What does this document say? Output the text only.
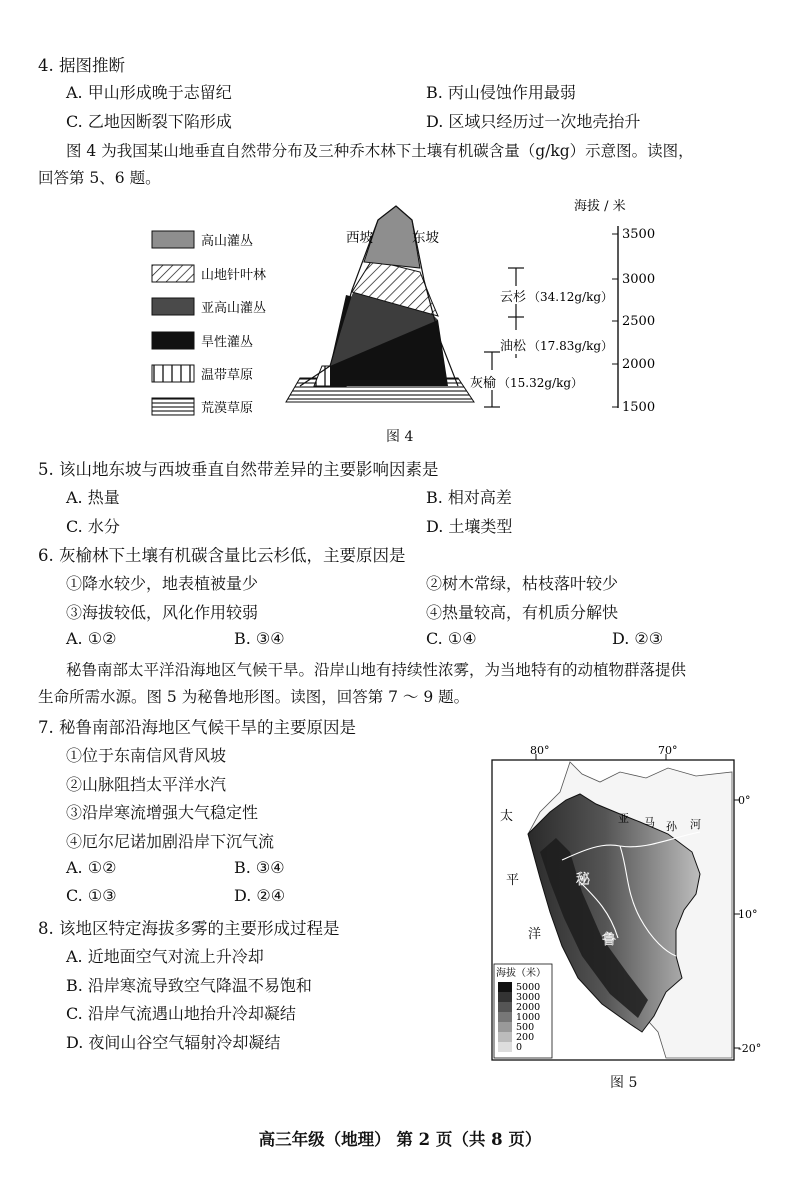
4. 据图推断
A. 甲山形成晚于志留纪	B. 丙山侵蚀作用最弱
C. 乙地因断裂下陷形成	D. 区域只经历过一次地壳抬升
图 4 为我国某山地垂直自然带分布及三种乔木林下土壤有机碳含量（g/kg）示意图。读图，
回答第 5、6 题。
高山灌丛
山地针叶林
亚高山灌丛
旱性灌丛
温带草原
荒漠草原
西坡	东坡
海拔 / 米
3500
3000
2500
2000
1500
云杉 （34.12g/kg）
油松 （17.83g/kg）
灰榆 （15.32g/kg）
图 4
5. 该山地东坡与西坡垂直自然带差异的主要影响因素是
A. 热量	B. 相对高差
C. 水分	D. 土壤类型
6. 灰榆林下土壤有机碳含量比云杉低，主要原因是
①降水较少，地表植被量少	②树木常绿，枯枝落叶较少
③海拔较低，风化作用较弱	④热量较高，有机质分解快
A. ①②	B. ③④	C. ①④	D. ②③
秘鲁南部太平洋沿海地区气候干旱。沿岸山地有持续性浓雾，为当地特有的动植物群落提供
生命所需水源。图 5 为秘鲁地形图。读图，回答第 7 ～ 9 题。
7. 秘鲁南部沿海地区气候干旱的主要原因是
①位于东南信风背风坡
②山脉阻挡太平洋水汽
③沿岸寒流增强大气稳定性
④厄尔尼诺加剧沿岸下沉气流
A. ①②	B. ③④
C. ①③	D. ②④
8. 该地区特定海拔多雾的主要形成过程是
A. 近地面空气对流上升冷却
B. 沿岸寒流导致空气降温不易饱和
C. 沿岸气流遇山地抬升冷却凝结
D. 夜间山谷空气辐射冷却凝结
80°	70°
0°
10°
-20°
亚 马 孙 河
秘
鲁
太
平
洋
海拔（米）
5000
3000
2000
1000
500
200
0
图 5
高三年级（地理） 第 2 页（共 8 页）
